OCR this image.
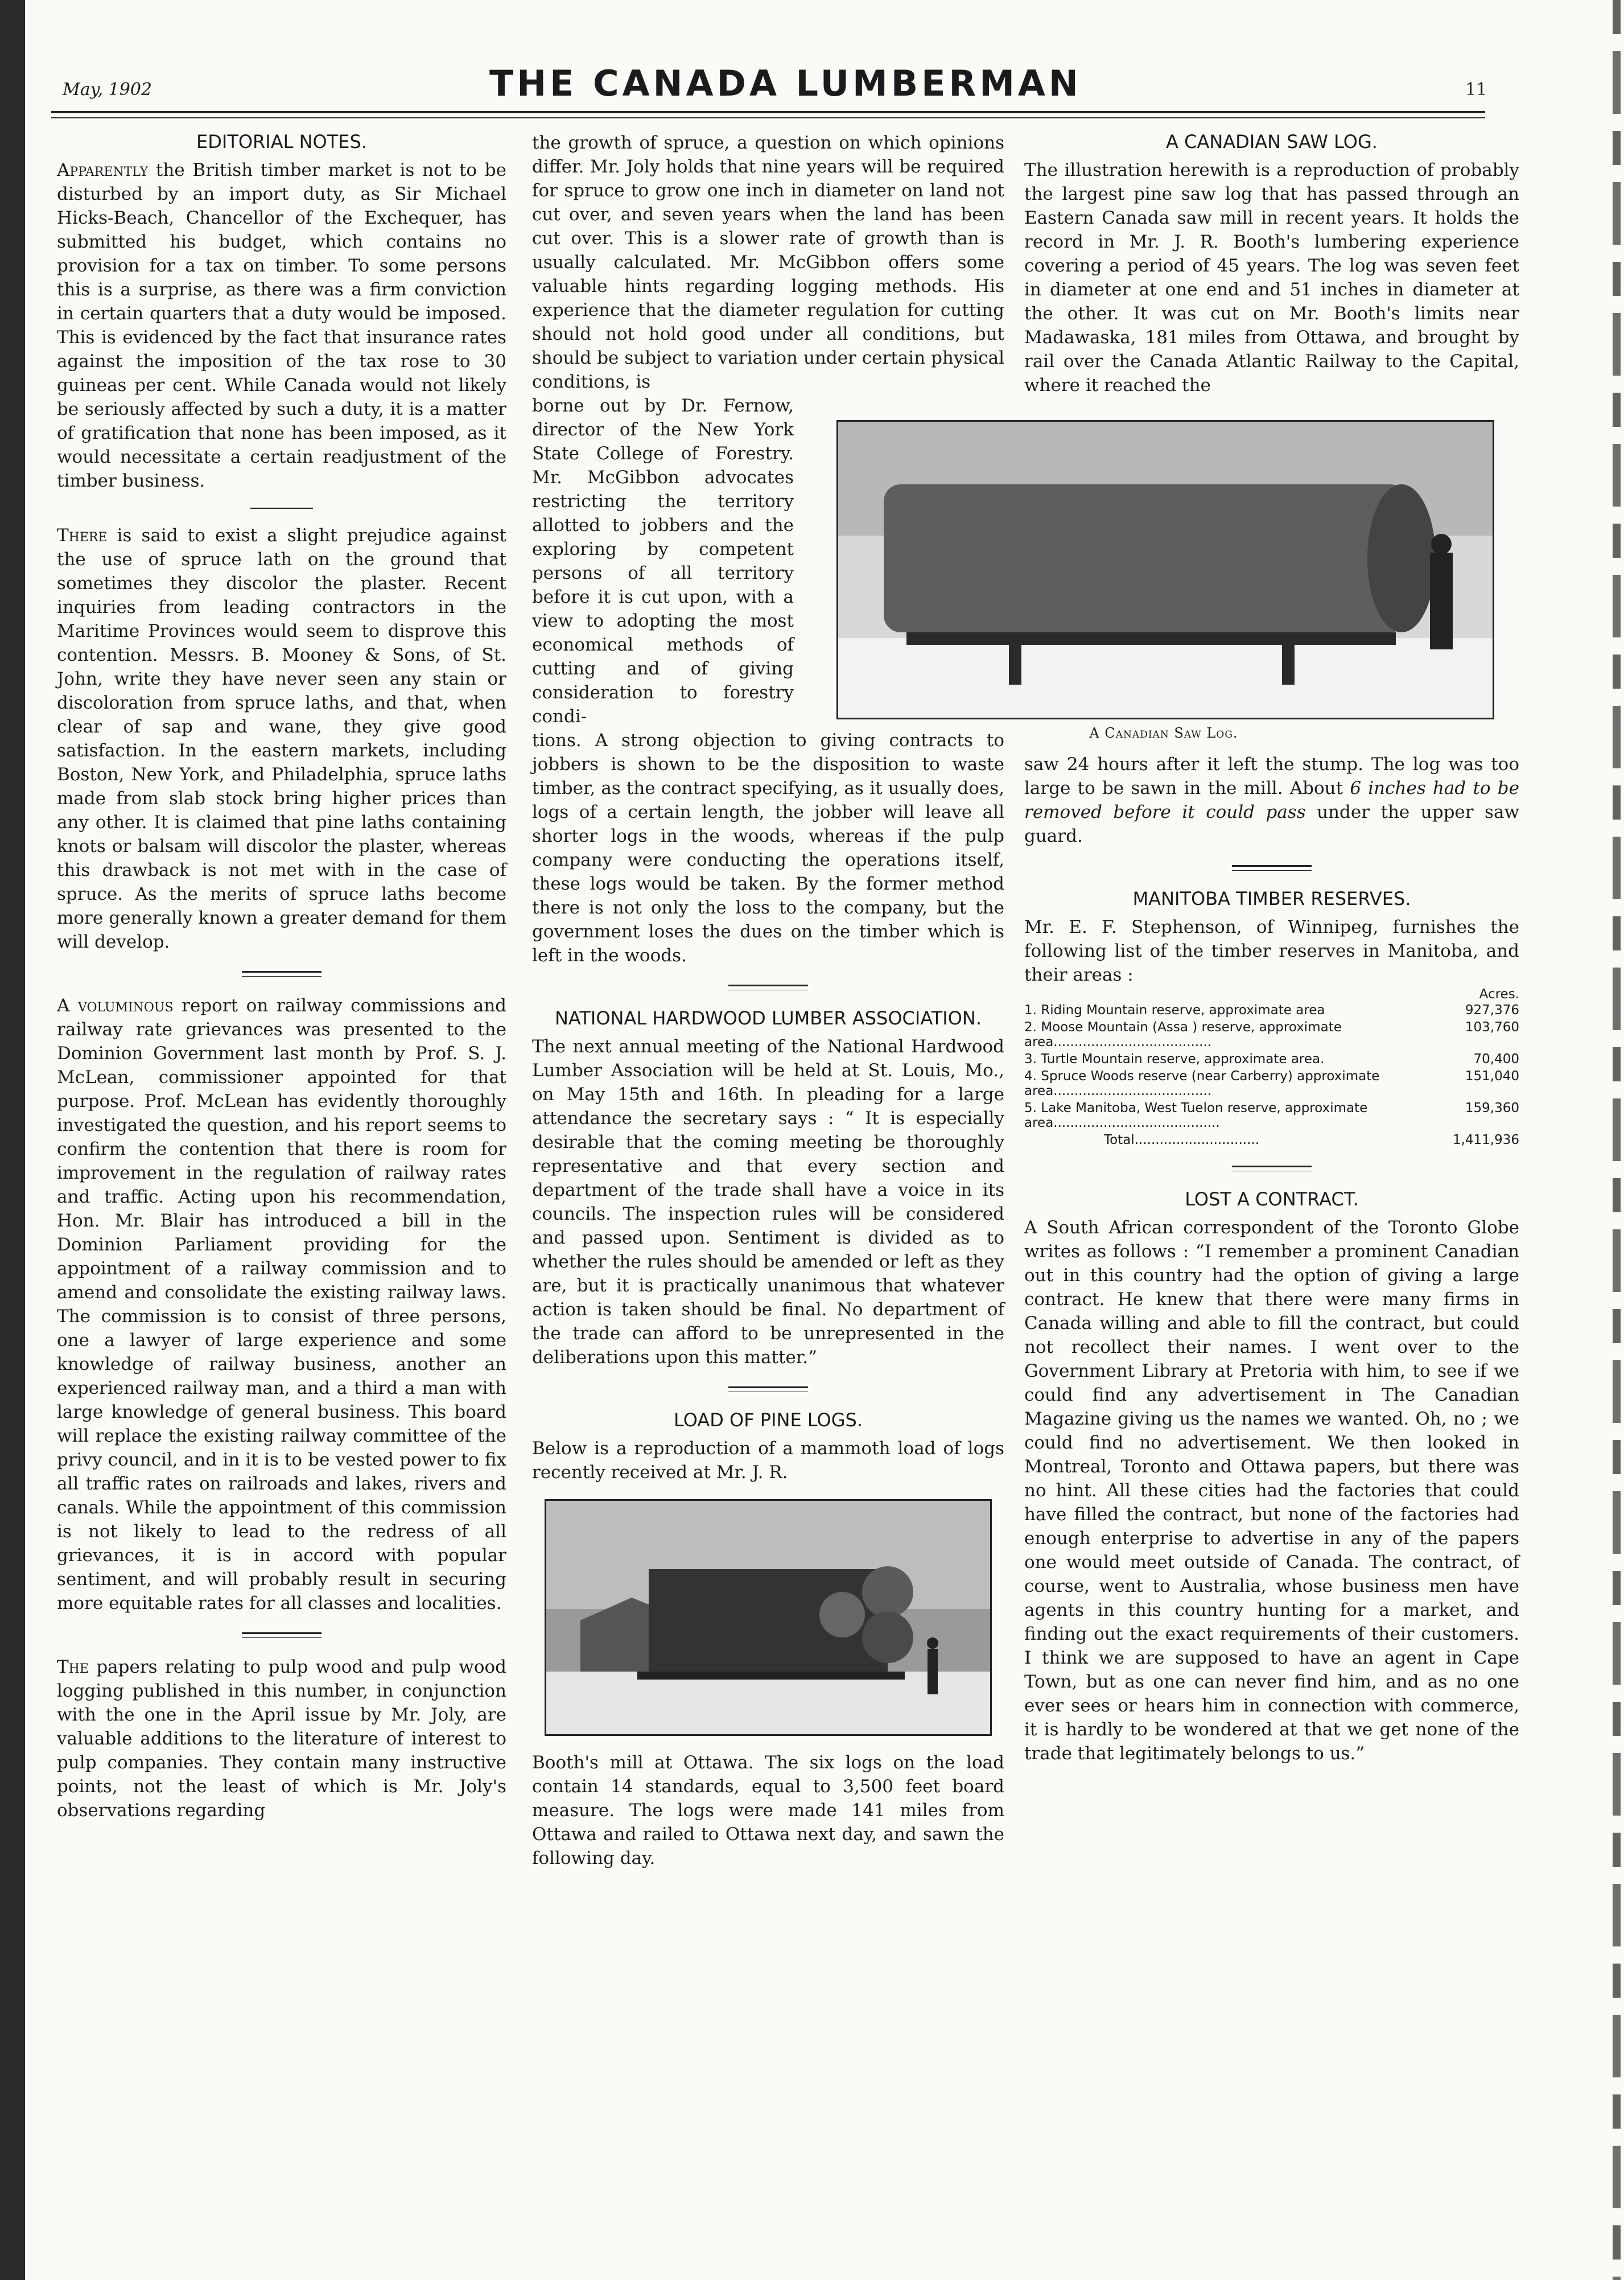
May, 1902	THE CANADA LUMBERMAN	11
EDITORIAL NOTES.

Apparently the British timber market is not to be disturbed by an import duty, as Sir Michael Hicks-Beach, Chancellor of the Exchequer, has submitted his budget, which contains no provision for a tax on timber. To some persons this is a surprise, as there was a firm conviction in certain quarters that a duty would be imposed. This is evidenced by the fact that insurance rates against the imposition of the tax rose to 30 guineas per cent. While Canada would not likely be seriously affected by such a duty, it is a matter of gratification that none has been imposed, as it would necessitate a certain readjustment of the timber business.

There is said to exist a slight prejudice against the use of spruce lath on the ground that sometimes they discolor the plaster. Recent inquiries from leading contractors in the Maritime Provinces would seem to disprove this contention. Messrs. B. Mooney & Sons, of St. John, write they have never seen any stain or discoloration from spruce laths, and that, when clear of sap and wane, they give good satisfaction. In the eastern markets, including Boston, New York, and Philadelphia, spruce laths made from slab stock bring higher prices than any other. It is claimed that pine laths containing knots or balsam will discolor the plaster, whereas this drawback is not met with in the case of spruce. As the merits of spruce laths become more generally known a greater demand for them will develop.

A voluminous report on railway commissions and railway rate grievances was presented to the Dominion Government last month by Prof. S. J. McLean, commissioner appointed for that purpose. Prof. McLean has evidently thoroughly investigated the question, and his report seems to confirm the contention that there is room for improvement in the regulation of railway rates and traffic. Acting upon his recommendation, Hon. Mr. Blair has introduced a bill in the Dominion Parliament providing for the appointment of a railway commission and to amend and consolidate the existing railway laws. The commission is to consist of three persons, one a lawyer of large experience and some knowledge of railway business, another an experienced railway man, and a third a man with large knowledge of general business. This board will replace the existing railway committee of the privy council, and in it is to be vested power to fix all traffic rates on railroads and lakes, rivers and canals. While the appointment of this commission is not likely to lead to the redress of all grievances, it is in accord with popular sentiment, and will probably result in securing more equitable rates for all classes and localities.

The papers relating to pulp wood and pulp wood logging published in this number, in conjunction with the one in the April issue by Mr. Joly, are valuable additions to the literature of interest to pulp companies. They contain many instructive points, not the least of which is Mr. Joly's observations regarding

the growth of spruce, a question on which opinions differ. Mr. Joly holds that nine years will be required for spruce to grow one inch in diameter on land not cut over, and seven years when the land has been cut over. This is a slower rate of growth than is usually calculated. Mr. McGibbon offers some valuable hints regarding logging methods. His experience that the diameter regulation for cutting should not hold good under all conditions, but should be subject to variation under certain physical conditions, is

borne out by Dr. Fernow, director of the New York State College of Forestry. Mr. McGibbon advocates restricting the territory allotted to jobbers and the exploring by competent persons of all territory before it is cut upon, with a view to adopting the most economical methods of cutting and of giving consideration to forestry condi-

tions. A strong objection to giving contracts to jobbers is shown to be the disposition to waste timber, as the contract specifying, as it usually does, logs of a certain length, the jobber will leave all shorter logs in the woods, whereas if the pulp company were conducting the operations itself, these logs would be taken. By the former method there is not only the loss to the company, but the government loses the dues on the timber which is left in the woods.

NATIONAL HARDWOOD LUMBER ASSOCIATION.

The next annual meeting of the National Hardwood Lumber Association will be held at St. Louis, Mo., on May 15th and 16th. In pleading for a large attendance the secretary says : “ It is especially desirable that the coming meeting be thoroughly representative and that every section and department of the trade shall have a voice in its councils. The inspection rules will be considered and passed upon. Sentiment is divided as to whether the rules should be amended or left as they are, but it is practically unanimous that whatever action is taken should be final. No department of the trade can afford to be unrepresented in the deliberations upon this matter.”

LOAD OF PINE LOGS.

Below is a reproduction of a mammoth load of logs recently received at Mr. J. R.

Booth's mill at Ottawa. The six logs on the load contain 14 standards, equal to 3,500 feet board measure. The logs were made 141 miles from Ottawa and railed to Ottawa next day, and sawn the following day.

A CANADIAN SAW LOG.

The illustration herewith is a reproduction of probably the largest pine saw log that has passed through an Eastern Canada saw mill in recent years. It holds the record in Mr. J. R. Booth's lumbering experience covering a period of 45 years. The log was seven feet in diameter at one end and 51 inches in diameter at the other. It was cut on Mr. Booth's limits near Madawaska, 181 miles from Ottawa, and brought by rail over the Canada Atlantic Railway to the Capital, where it reached the

A Canadian Saw Log.

saw 24 hours after it left the stump. The log was too large to be sawn in the mill. About 6 inches had to be removed before it could pass under the upper saw guard.

MANITOBA TIMBER RESERVES.

Mr. E. F. Stephenson, of Winnipeg, furnishes the following list of the timber reserves in Manitoba, and their areas :

Acres.
1. Riding Mountain reserve, approximate area	927,376
2. Moose Mountain (Assa ) reserve, approximate area......................................	103,760
3. Turtle Mountain reserve, approximate area.	70,400
4. Spruce Woods reserve (near Carberry) approximate area......................................	151,040
5. Lake Manitoba, West Tuelon reserve, approximate area........................................	159,360
Total..............................	1,411,936
LOST A CONTRACT.

A South African correspondent of the Toronto Globe writes as follows : “I remember a prominent Canadian out in this country had the option of giving a large contract. He knew that there were many firms in Canada willing and able to fill the contract, but could not recollect their names. I went over to the Government Library at Pretoria with him, to see if we could find any advertisement in The Canadian Magazine giving us the names we wanted. Oh, no ; we could find no advertisement. We then looked in Montreal, Toronto and Ottawa papers, but there was no hint. All these cities had the factories that could have filled the contract, but none of the factories had enough enterprise to advertise in any of the papers one would meet outside of Canada. The contract, of course, went to Australia, whose business men have agents in this country hunting for a market, and finding out the exact requirements of their customers. I think we are supposed to have an agent in Cape Town, but as one can never find him, and as no one ever sees or hears him in connection with commerce, it is hardly to be wondered at that we get none of the trade that legitimately belongs to us.”
